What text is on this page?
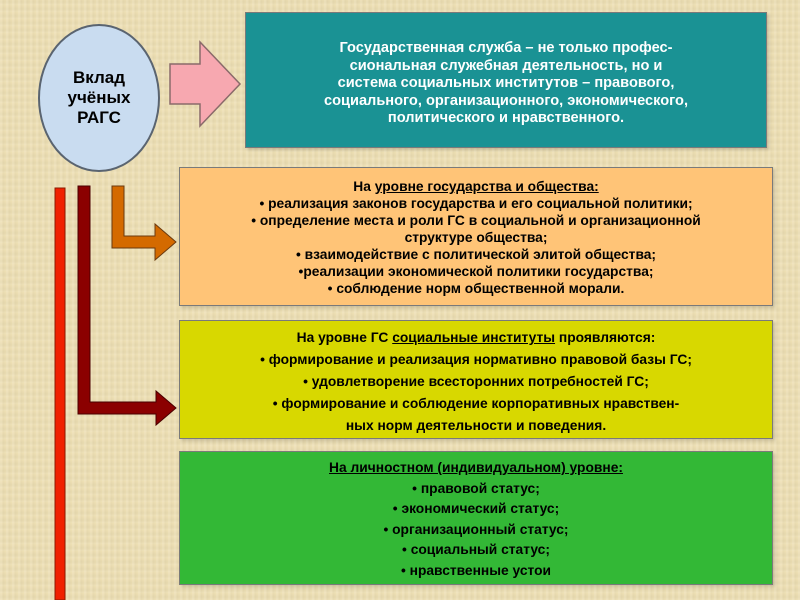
Вклад
учёных
РАГС
Государственная служба – не только профес-
сиональная служебная деятельность, но и
система социальных институтов – правового,
социального, организационного, экономического,
политического и нравственного.
На уровне государства и общества:
• реализация законов государства и его социальной политики;
• определение места и роли ГС в социальной и организационной
структуре общества;
• взаимодействие с политической элитой общества;
•реализации экономической политики государства;
• соблюдение норм общественной морали.
На уровне ГС социальные институты проявляются:
• формирование и реализация нормативно правовой базы ГС;
• удовлетворение всесторонних потребностей ГС;
• формирование и соблюдение корпоративных нравствен-
ных норм деятельности и поведения.
На личностном (индивидуальном) уровне:
• правовой статус;
• экономический статус;
• организационный статус;
• социальный статус;
• нравственные устои
